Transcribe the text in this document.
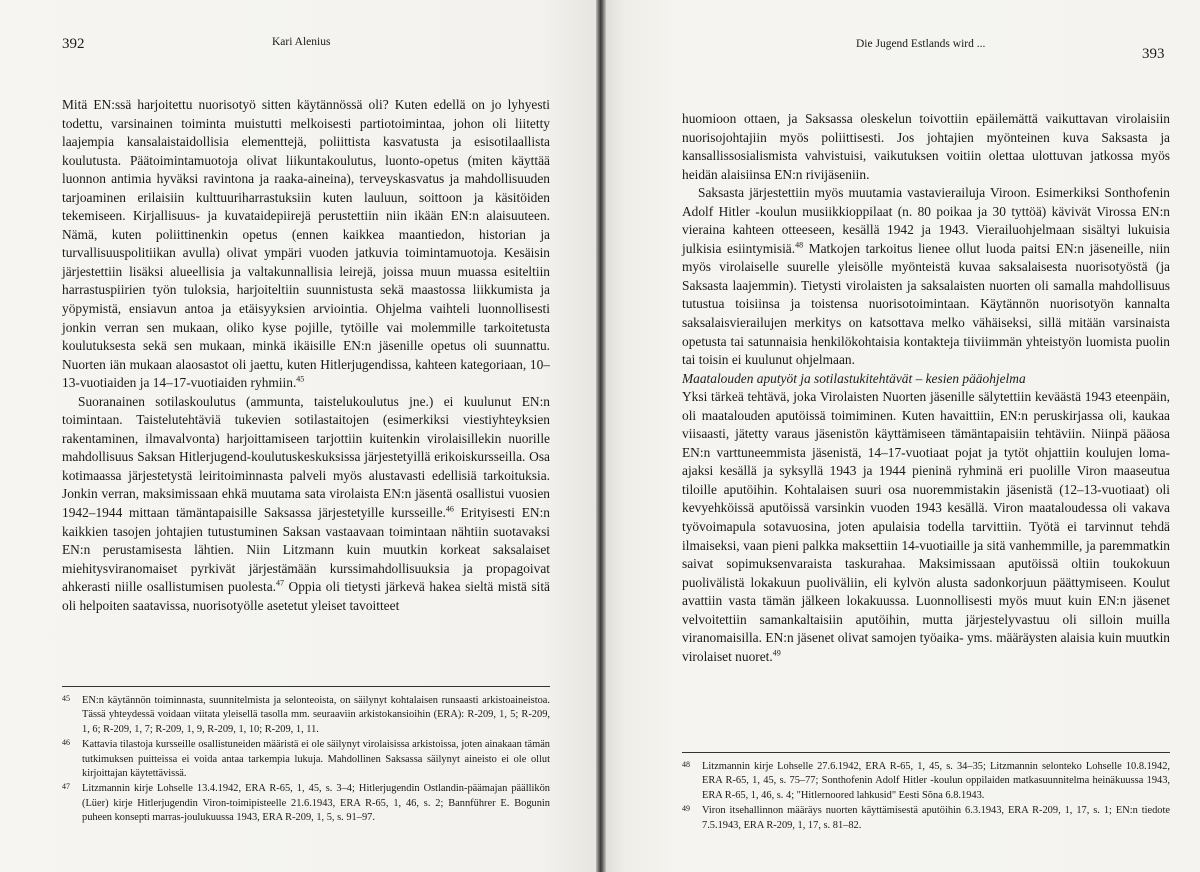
392	Kari Alenius

Mitä EN:ssä harjoitettu nuorisotyö sitten käytännössä oli? Kuten edellä on jo lyhyesti todettu, varsinainen toiminta muistutti melkoisesti partiotoimintaa, johon oli liitetty laajempia kansalaistaidollisia elementtejä, poliittista kasvatusta ja esisotilaallista koulutusta. Päätoimintamuotoja olivat liikuntakoulutus, luonto-opetus (miten käyttää luonnon antimia hyväksi ravintona ja raaka-aineina), terveyskasvatus ja mahdollisuuden tarjoaminen erilaisiin kulttuuriharrastuksiin kuten lauluun, soittoon ja käsitöiden tekemiseen. Kirjallisuus- ja kuvataidepiirejä perustettiin niin ikään EN:n alaisuuteen. Nämä, kuten poliittinenkin opetus (ennen kaikkea maantiedon, historian ja turvallisuuspolitiikan avulla) olivat ympäri vuoden jatkuvia toimintamuotoja. Kesäisin järjestettiin lisäksi alueellisia ja valtakunnallisia leirejä, joissa muun muassa esiteltiin harrastuspiirien työn tuloksia, harjoiteltiin suunnistusta sekä maastossa liikkumista ja yöpymistä, ensiavun antoa ja etäisyyksien arviointia. Ohjelma vaihteli luonnollisesti jonkin verran sen mukaan, oliko kyse pojille, tytöille vai molemmille tarkoitetusta koulutuksesta sekä sen mukaan, minkä ikäisille EN:n jäsenille opetus oli suunnattu. Nuorten iän mukaan alaosastot oli jaettu, kuten Hitlerjugendissa, kahteen kategoriaan, 10–13-vuotiaiden ja 14–17-vuotiaiden ryhmiin.$^{45}$

Suoranainen sotilaskoulutus (ammunta, taistelukoulutus jne.) ei kuulunut EN:n toimintaan. Taistelutehtäviä tukevien sotilastaitojen (esimerkiksi viestiyhteyksien rakentaminen, ilmavalvonta) harjoittamiseen tarjottiin kuitenkin virolaisillekin nuorille mahdollisuus Saksan Hitlerjugend-koulutuskeskuksissa järjestetyillä erikoiskursseilla. Osa kotimaassa järjestetystä leiritoiminnasta palveli myös alustavasti edellisiä tarkoituksia. Jonkin verran, maksimissaan ehkä muutama sata virolaista EN:n jäsentä osallistui vuosien 1942–1944 mittaan tämäntapaisille Saksassa järjestetyille kursseille.$^{46}$ Erityisesti EN:n kaikkien tasojen johtajien tutustuminen Saksan vastaavaan toimintaan nähtiin suotavaksi EN:n perustamisesta lähtien. Niin Litzmann kuin muutkin korkeat saksalaiset miehitysviranomaiset pyrkivät järjestämään kurssimahdollisuuksia ja propagoivat ahkerasti niille osallistumisen puolesta.$^{47}$ Oppia oli tietysti järkevä hakea sieltä mistä sitä oli helpoiten saatavissa, nuorisotyölle asetetut yleiset tavoitteet

45 EN:n käytännön toiminnasta, suunnitelmista ja selonteoista, on säilynyt kohtalaisen runsaasti arkistoaineistoa. Tässä yhteydessä voidaan viitata yleisellä tasolla mm. seuraaviin arkistokansioihin (ERA): R-209, 1, 5; R-209, 1, 6; R-209, 1, 7; R-209, 1, 9, R-209, 1, 10; R-209, 1, 11.

46 Kattavia tilastoja kursseille osallistuneiden määristä ei ole säilynyt virolaisissa arkistoissa, joten ainakaan tämän tutkimuksen puitteissa ei voida antaa tarkempia lukuja. Mahdollinen Saksassa säilynyt aineisto ei ole ollut kirjoittajan käytettävissä.

47 Litzmannin kirje Lohselle 13.4.1942, ERA R-65, 1, 45, s. 3–4; Hitlerjugendin Ostlandin-päämajan päällikön (Lüer) kirje Hitlerjugendin Viron-toimipisteelle 21.6.1943, ERA R-65, 1, 46, s. 2; Bannführer E. Bogunin puheen konsepti marras-joulukuussa 1943, ERA R-209, 1, 5, s. 91–97.

Die Jugend Estlands wird ...
393

huomioon ottaen, ja Saksassa oleskelun toivottiin epäilemättä vaikuttavan virolaisiin nuorisojohtajiin myös poliittisesti. Jos johtajien myönteinen kuva Saksasta ja kansallissosialismista vahvistuisi, vaikutuksen voitiin olettaa ulottuvan jatkossa myös heidän alaisiinsa EN:n rivijäseniin.

Saksasta järjestettiin myös muutamia vastavierailuja Viroon. Esimerkiksi Sonthofenin Adolf Hitler -koulun musiikkioppilaat (n. 80 poikaa ja 30 tyttöä) kävivät Virossa EN:n vieraina kahteen otteeseen, kesällä 1942 ja 1943. Vierailuohjelmaan sisältyi lukuisia julkisia esiintymisiä.$^{48}$ Matkojen tarkoitus lienee ollut luoda paitsi EN:n jäseneille, niin myös virolaiselle suurelle yleisölle myönteistä kuvaa saksalaisesta nuorisotyöstä (ja Saksasta laajemmin). Tietysti virolaisten ja saksalaisten nuorten oli samalla mahdollisuus tutustua toisiinsa ja toistensa nuorisotoimintaan. Käytännön nuorisotyön kannalta saksalaisvierailujen merkitys on katsottava melko vähäiseksi, sillä mitään varsinaista opetusta tai satunnaisia henkilökohtaisia kontakteja tiiviimmän yhteistyön luomista puolin tai toisin ei kuulunut ohjelmaan.

Maatalouden aputyöt ja sotilastukitehtävät – kesien pääohjelma

Yksi tärkeä tehtävä, joka Virolaisten Nuorten jäsenille sälytettiin keväästä 1943 eteenpäin, oli maatalouden aputöissä toimiminen. Kuten havaittiin, EN:n peruskirjassa oli, kaukaa viisaasti, jätetty varaus jäsenistön käyttämiseen tämäntapaisiin tehtäviin. Niinpä pääosa EN:n varttuneemmista jäsenistä, 14–17-vuotiaat pojat ja tytöt ohjattiin koulujen loma-ajaksi kesällä ja syksyllä 1943 ja 1944 pieninä ryhminä eri puolille Viron maaseutua tiloille aputöihin. Kohtalaisen suuri osa nuoremmistakin jäsenistä (12–13-vuotiaat) oli kevyehköissä aputöissä varsinkin vuoden 1943 kesällä. Viron maataloudessa oli vakava työvoimapula sotavuosina, joten apulaisia todella tarvittiin. Työtä ei tarvinnut tehdä ilmaiseksi, vaan pieni palkka maksettiin 14-vuotiaille ja sitä vanhemmille, ja paremmatkin saivat sopimuksenvaraista taskurahaa. Maksimissaan aputöissä oltiin toukokuun puolivälistä lokakuun puoliväliin, eli kylvön alusta sadonkorjuun päättymiseen. Koulut avattiin vasta tämän jälkeen lokakuussa. Luonnollisesti myös muut kuin EN:n jäsenet velvoitettiin samankaltaisiin aputöihin, mutta järjestelyvastuu oli silloin muilla viranomaisilla. EN:n jäsenet olivat samojen työaika- yms. määräysten alaisia kuin muutkin virolaiset nuoret.$^{49}$

48 Litzmannin kirje Lohselle 27.6.1942, ERA R-65, 1, 45, s. 34–35; Litzmannin selonteko Lohselle 10.8.1942, ERA R-65, 1, 45, s. 75–77; Sonthofenin Adolf Hitler -koulun oppilaiden matkasuunnitelma heinäkuussa 1943, ERA R-65, 1, 46, s. 4; "Hitlernoored lahkusid" Eesti Sõna 6.8.1943.

49 Viron itsehallinnon määräys nuorten käyttämisestä aputöihin 6.3.1943, ERA R-209, 1, 17, s. 1; EN:n tiedote 7.5.1943, ERA R-209, 1, 17, s. 81–82.
